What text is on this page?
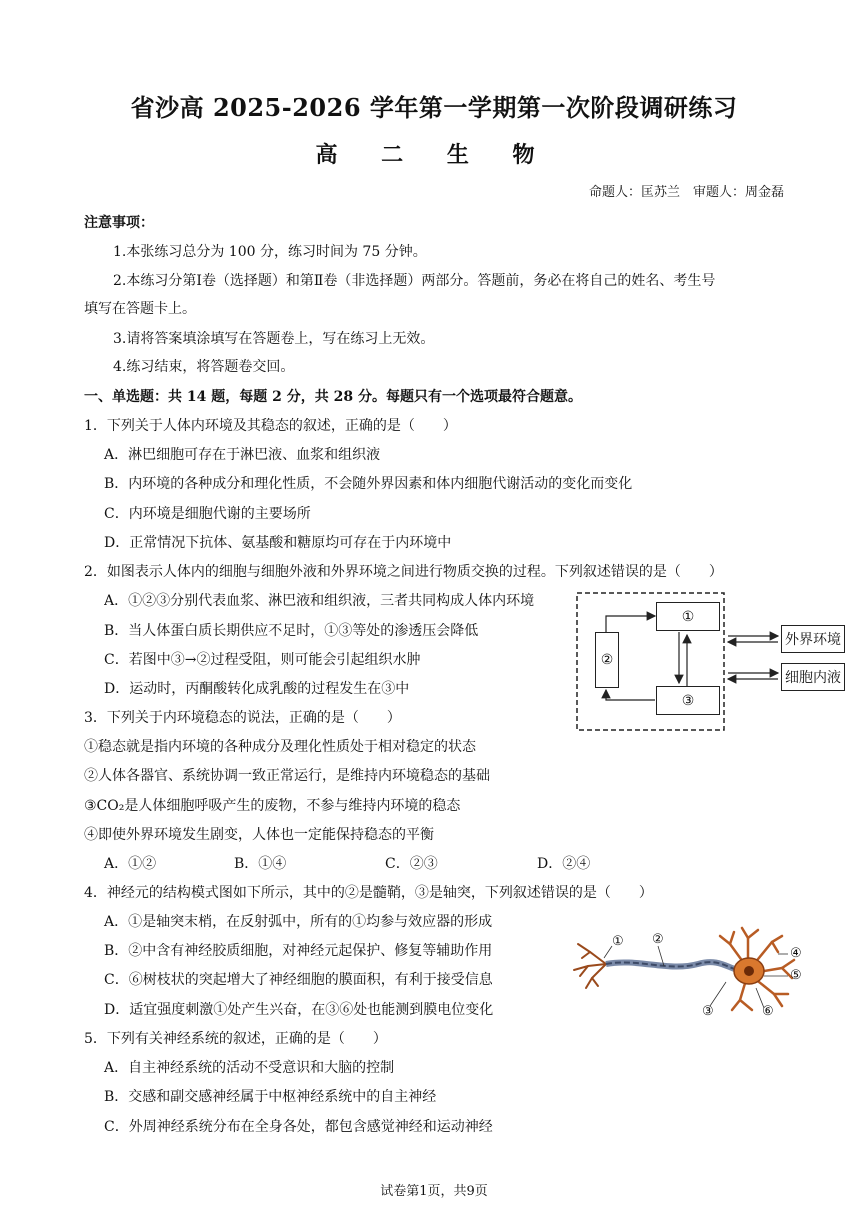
省沙高 2025-2026 学年第一学期第一次阶段调研练习
高 二 生 物
命题人：匡苏兰　审题人：周金磊
注意事项：
1.本张练习总分为 100 分，练习时间为 75 分钟。
2.本练习分第Ⅰ卷（选择题）和第Ⅱ卷（非选择题）两部分。答题前，务必在将自己的姓名、考生号
填写在答题卡上。
3.请将答案填涂填写在答题卷上，写在练习上无效。
4.练习结束，将答题卷交回。
一、单选题：共 14 题，每题 2 分，共 28 分。每题只有一个选项最符合题意。
1．下列关于人体内环境及其稳态的叙述，正确的是（　　）
A．淋巴细胞可存在于淋巴液、血浆和组织液
B．内环境的各种成分和理化性质，不会随外界因素和体内细胞代谢活动的变化而变化
C．内环境是细胞代谢的主要场所
D．正常情况下抗体、氨基酸和糖原均可存在于内环境中
2．如图表示人体内的细胞与细胞外液和外界环境之间进行物质交换的过程。下列叙述错误的是（　　）
A．①②③分别代表血浆、淋巴液和组织液，三者共同构成人体内环境
B．当人体蛋白质长期供应不足时，①③等处的渗透压会降低
C．若图中③→②过程受阻，则可能会引起组织水肿
D．运动时，丙酮酸转化成乳酸的过程发生在③中
①
②
③
外界环境
细胞内液
3．下列关于内环境稳态的说法，正确的是（　　）
①稳态就是指内环境的各种成分及理化性质处于相对稳定的状态
②人体各器官、系统协调一致正常运行，是维持内环境稳态的基础
③CO₂是人体细胞呼吸产生的废物，不参与维持内环境的稳态
④即使外界环境发生剧变，人体也一定能保持稳态的平衡
A．①②	B．①④	C．②③	D．②④
4．神经元的结构模式图如下所示，其中的②是髓鞘，③是轴突，下列叙述错误的是（　　）
A．①是轴突末梢，在反射弧中，所有的①均参与效应器的形成
B．②中含有神经胶质细胞，对神经元起保护、修复等辅助作用
C．⑥树枝状的突起增大了神经细胞的膜面积，有利于接受信息
D．适宜强度刺激①处产生兴奋，在③⑥处也能测到膜电位变化
① ②
③
④
⑤
⑥
5．下列有关神经系统的叙述，正确的是（　　）
A．自主神经系统的活动不受意识和大脑的控制
B．交感和副交感神经属于中枢神经系统中的自主神经
C．外周神经系统分布在全身各处，都包含感觉神经和运动神经
试卷第1页，共9页
